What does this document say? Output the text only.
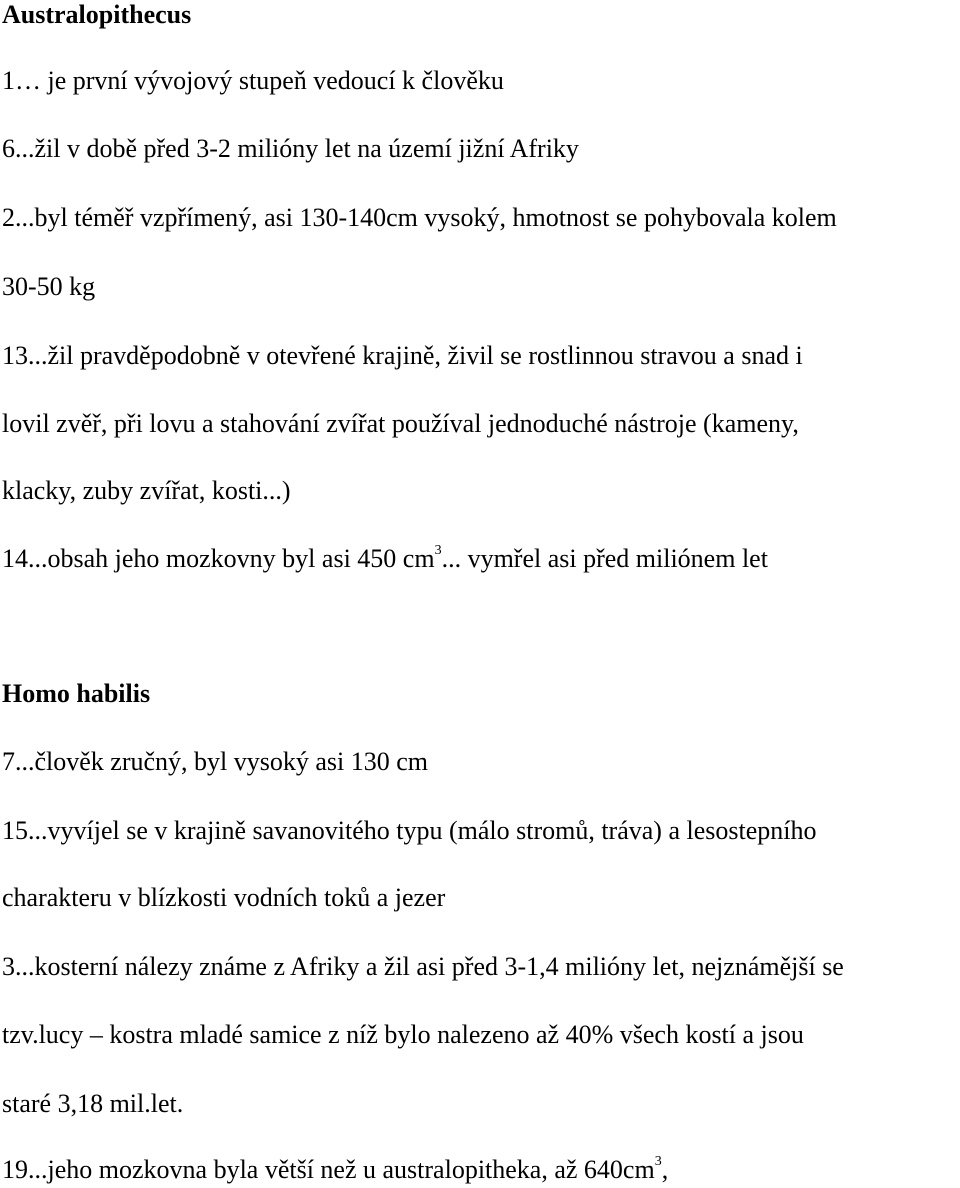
Australopithecus
1… je první vývojový stupeň vedoucí k člověku
6...žil v době před 3-2 milióny let na území jižní Afriky
2...byl téměř vzpřímený, asi 130-140cm vysoký, hmotnost se pohybovala kolem
30-50 kg
13...žil pravděpodobně v otevřené krajině, živil se rostlinnou stravou a snad i
lovil zvěř, při lovu a stahování zvířat používal jednoduché nástroje (kameny,
klacky, zuby zvířat, kosti...)
14...obsah jeho mozkovny byl asi 450 $cm^3$... vymřel asi před miliónem let
Homo habilis
7...člověk zručný, byl vysoký asi 130 cm
15...vyvíjel se v krajině savanovitého typu (málo stromů, tráva) a lesostepního
charakteru v blízkosti vodních toků a jezer
3...kosterní nálezy známe z Afriky a žil asi před 3-1,4 milióny let, nejznámější se
tzv.lucy – kostra mladé samice z níž bylo nalezeno až 40% všech kostí a jsou
staré 3,18 mil.let.
19...jeho mozkovna byla větší než u australopitheka, až $640cm^3$,
